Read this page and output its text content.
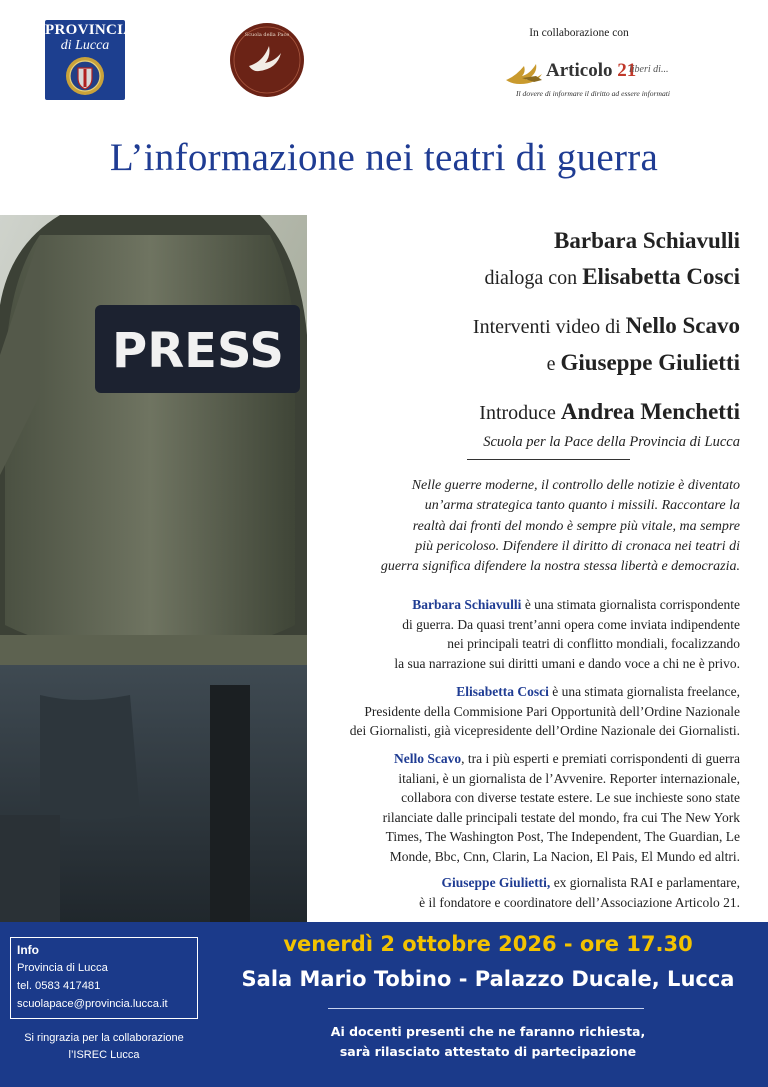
PROVINCIA
di Lucca
Scuola della Pace	In collaborazione con
Articolo 21
liberi di...
Il dovere di informare il diritto ad essere informati
L’informazione nei teatri di guerra
PRESS
Barbara Schiavulli
dialoga con Elisabetta Cosci
Interventi video di Nello Scavo
e Giuseppe Giulietti
Introduce Andrea Menchetti
Scuola per la Pace della Provincia di Lucca
Nelle guerre moderne, il controllo delle notizie è diventato
un’arma strategica tanto quanto i missili. Raccontare la
realtà dai fronti del mondo è sempre più vitale, ma sempre
più pericoloso. Difendere il diritto di cronaca nei teatri di
guerra significa difendere la nostra stessa libertà e democrazia.
Barbara Schiavulli è una stimata giornalista corrispondente
di guerra. Da quasi trent’anni opera come inviata indipendente
nei principali teatri di conflitto mondiali, focalizzando
la sua narrazione sui diritti umani e dando voce a chi ne è privo.
Elisabetta Cosci è una stimata giornalista freelance,
Presidente della Commisione Pari Opportunità dell’Ordine Nazionale
dei Giornalisti, già vicepresidente dell’Ordine Nazionale dei Giornalisti.
Nello Scavo, tra i più esperti e premiati corrispondenti di guerra
italiani, è un giornalista de l’Avvenire. Reporter internazionale,
collabora con diverse testate estere. Le sue inchieste sono state
rilanciate dalle principali testate del mondo, fra cui The New York
Times, The Washington Post, The Independent, The Guardian, Le
Monde, Bbc, Cnn, Clarin, La Nacion, El Pais, El Mundo ed altri.
Giuseppe Giulietti, ex giornalista RAI e parlamentare,
è il fondatore e coordinatore dell’Associazione Articolo 21.
Info
Provincia di Lucca
tel. 0583 417481
scuolapace@provincia.lucca.it
Si ringrazia per la collaborazione
l’ISREC Lucca
venerdì 2 ottobre 2026 - ore 17.30
Sala Mario Tobino - Palazzo Ducale, Lucca
Ai docenti presenti che ne faranno richiesta,
sarà rilasciato attestato di partecipazione
